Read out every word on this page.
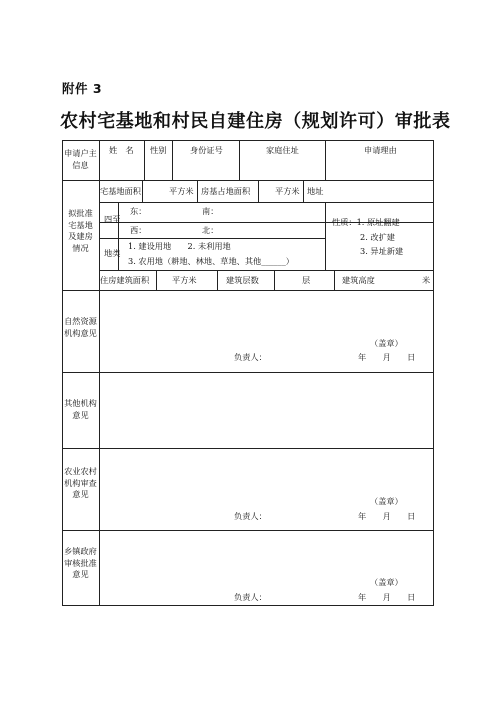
附件 3
农村宅基地和村民自建住房（规划许可）审批表
申请户主
信息
姓　名 性别	身份证号	家庭住址	申请理由
拟批准
宅基地
及建房
情况
宅基地面积	平方米 房基占地面积	平方米 地址
四至
东：	南：
西：	北：
性质：1. 原址翻建
2. 改扩建
3. 异址新建
地类
1. 建设用地　　2. 未利用地
3. 农用地（耕地、林地、草地、其他______）
住房建筑面积	平方米	建筑层数	层	建筑高度	米
自然资源
机构意见
（盖章）
负责人：	年　　月　　日
其他机构
意见
农业农村
机构审查
意见
（盖章）
负责人：	年　　月　　日
乡镇政府
审核批准
意见
（盖章）
负责人：	年　　月　　日
